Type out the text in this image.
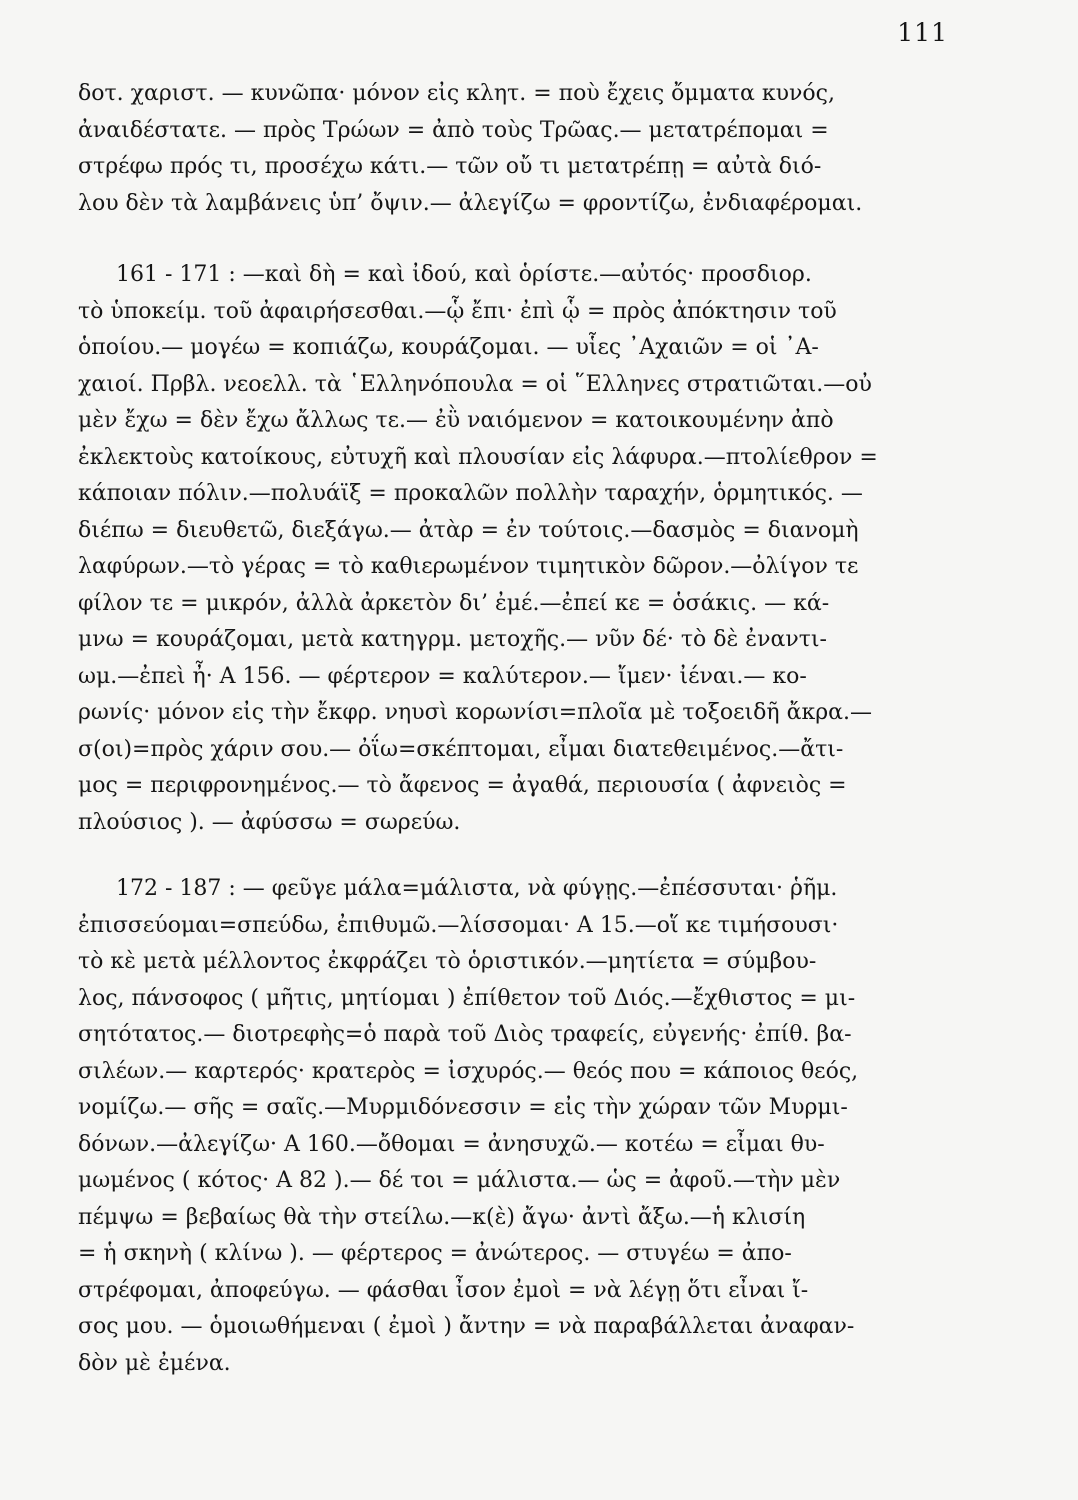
111
δοτ. χαριστ. — κυνῶπα· μόνον εἰς κλητ. = ποὺ ἔχεις ὄμματα κυνός,
ἀναιδέστατε. — πρὸς Τρώων = ἀπὸ τοὺς Τρῶας.— μετατρέπομαι =
στρέφω πρός τι, προσέχω κάτι.— τῶν οὔ τι μετατρέπῃ = αὐτὰ διό-
λου δὲν τὰ λαμβάνεις ὑπ’ ὄψιν.— ἀλεγίζω = φροντίζω, ἐνδιαφέρομαι.
161 - 171 : —καὶ δὴ = καὶ ἰδού, καὶ ὁρίστε.—αὐτός· προσδιορ.
τὸ ὑποκείμ. τοῦ ἀφαιρήσεσθαι.—ᾧ ἔπι· ἐπὶ ᾧ = πρὸς ἀπόκτησιν τοῦ
ὁποίου.— μογέω = κοπιάζω, κουράζομαι. — υἷες ᾿Αχαιῶν = οἱ ᾿Α-
χαιοί. Πρβλ. νεοελλ. τὰ ῾Ελληνόπουλα = οἱ ῞Ελληνες στρατιῶται.—οὐ
μὲν ἔχω = δὲν ἔχω ἄλλως τε.— ἐῢ ναιόμενον = κατοικουμένην ἀπὸ
ἐκλεκτοὺς κατοίκους, εὐτυχῆ καὶ πλουσίαν εἰς λάφυρα.—πτολίεθρον =
κάποιαν πόλιν.—πολυάϊξ = προκαλῶν πολλὴν ταραχήν, ὁρμητικός. —
διέπω = διευθετῶ, διεξάγω.— ἀτὰρ = ἐν τούτοις.—δασμὸς = διανομὴ
λαφύρων.—τὸ γέρας = τὸ καθιερωμένον τιμητικὸν δῶρον.—ὀλίγον τε
φίλον τε = μικρόν, ἀλλὰ ἀρκετὸν δι’ ἐμέ.—ἐπεί κε = ὁσάκις. — κά-
μνω = κουράζομαι, μετὰ κατηγρμ. μετοχῆς.— νῦν δέ· τὸ δὲ ἐναντι-
ωμ.—ἐπεὶ ἦ· Α 156. — φέρτερον = καλύτερον.— ἴμεν· ἰέναι.— κο-
ρωνίς· μόνον εἰς τὴν ἔκφρ. νηυσὶ κορωνίσι=πλοῖα μὲ τοξοειδῆ ἄκρα.—
σ(οι)=πρὸς χάριν σου.— ὀΐω=σκέπτομαι, εἶμαι διατεθειμένος.—ἄτι-
μος = περιφρονημένος.— τὸ ἄφενος = ἀγαθά, περιουσία ( ἀφνειὸς =
πλούσιος ). — ἀφύσσω = σωρεύω.
172 - 187 : — φεῦγε μάλα=μάλιστα, νὰ φύγῃς.—ἐπέσσυται· ῥῆμ.
ἐπισσεύομαι=σπεύδω, ἐπιθυμῶ.—λίσσομαι· Α 15.—οἵ κε τιμήσουσι·
τὸ κὲ μετὰ μέλλοντος ἐκφράζει τὸ ὁριστικόν.—μητίετα = σύμβου-
λος, πάνσοφος ( μῆτις, μητίομαι ) ἐπίθετον τοῦ Διός.—ἔχθιστος = μι-
σητότατος.— διοτρεφὴς=ὁ παρὰ τοῦ Διὸς τραφείς, εὐγενής· ἐπίθ. βα-
σιλέων.— καρτερός· κρατερὸς = ἰσχυρός.— θεός που = κάποιος θεός,
νομίζω.— σῆς = σαῖς.—Μυρμιδόνεσσιν = εἰς τὴν χώραν τῶν Μυρμι-
δόνων.—ἀλεγίζω· Α 160.—ὄθομαι = ἀνησυχῶ.— κοτέω = εἶμαι θυ-
μωμένος ( κότος· Α 82 ).— δέ τοι = μάλιστα.— ὡς = ἀφοῦ.—τὴν μὲν
πέμψω = βεβαίως θὰ τὴν στείλω.—κ(ὲ) ἄγω· ἀντὶ ἄξω.—ἡ κλισίη
= ἡ σκηνὴ ( κλίνω ). — φέρτερος = ἀνώτερος. — στυγέω = ἀπο-
στρέφομαι, ἀποφεύγω. — φάσθαι ἶσον ἐμοὶ = νὰ λέγῃ ὅτι εἶναι ἴ-
σος μου. — ὁμοιωθήμεναι ( ἐμοὶ ) ἄντην = νὰ παραβάλλεται ἀναφαν-
δὸν μὲ ἐμένα.
